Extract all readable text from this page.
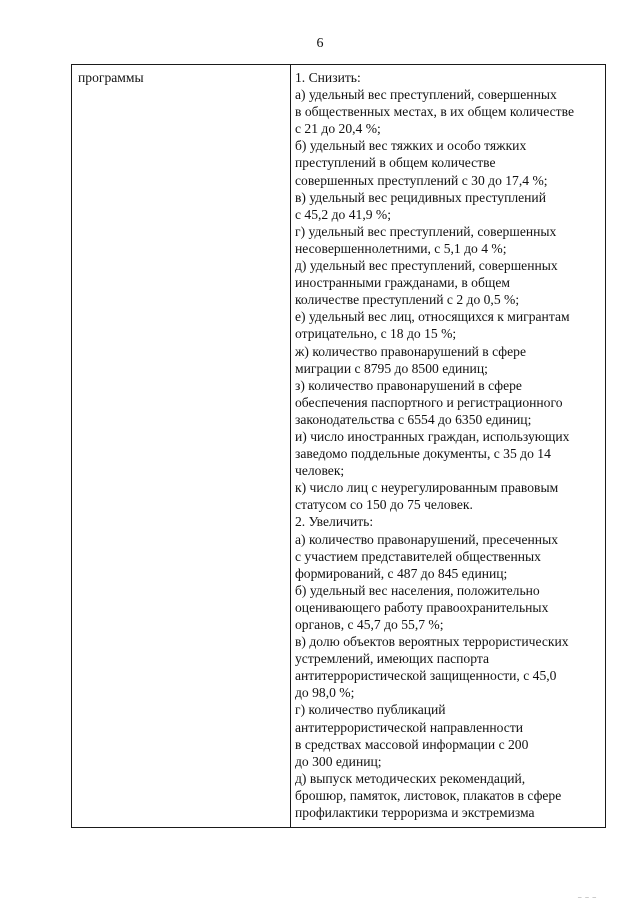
6
программы	1. Снизить:
а) удельный вес преступлений, совершенных
в общественных местах, в их общем количестве
с 21 до 20,4 %;
б) удельный вес тяжких и особо тяжких
преступлений в общем количестве
совершенных преступлений с 30 до 17,4 %;
в) удельный вес рецидивных преступлений
с 45,2 до 41,9 %;
г) удельный вес преступлений, совершенных
несовершеннолетними, с 5,1 до 4 %;
д) удельный вес преступлений, совершенных
иностранными гражданами, в общем
количестве преступлений с 2 до 0,5 %;
е) удельный вес лиц, относящихся к мигрантам
отрицательно, с 18 до 15 %;
ж) количество правонарушений в сфере
миграции с 8795 до 8500 единиц;
з) количество правонарушений в сфере
обеспечения паспортного и регистрационного
законодательства с 6554 до 6350 единиц;
и) число иностранных граждан, использующих
заведомо поддельные документы, с 35 до 14
человек;
к) число лиц с неурегулированным правовым
статусом со 150 до 75 человек.
2. Увеличить:
а) количество правонарушений, пресеченных
с участием представителей общественных
формирований, с 487 до 845 единиц;
б) удельный вес населения, положительно
оценивающего работу правоохранительных
органов, с 45,7 до 55,7 %;
в) долю объектов вероятных террористических
устремлений, имеющих паспорта
антитеррористической защищенности, с 45,0
до 98,0 %;
г) количество публикаций
антитеррористической направленности
в средствах массовой информации с 200
до 300 единиц;
д) выпуск методических рекомендаций,
брошюр, памяток, листовок, плакатов в сфере
профилактики терроризма и экстремизма
– – –
